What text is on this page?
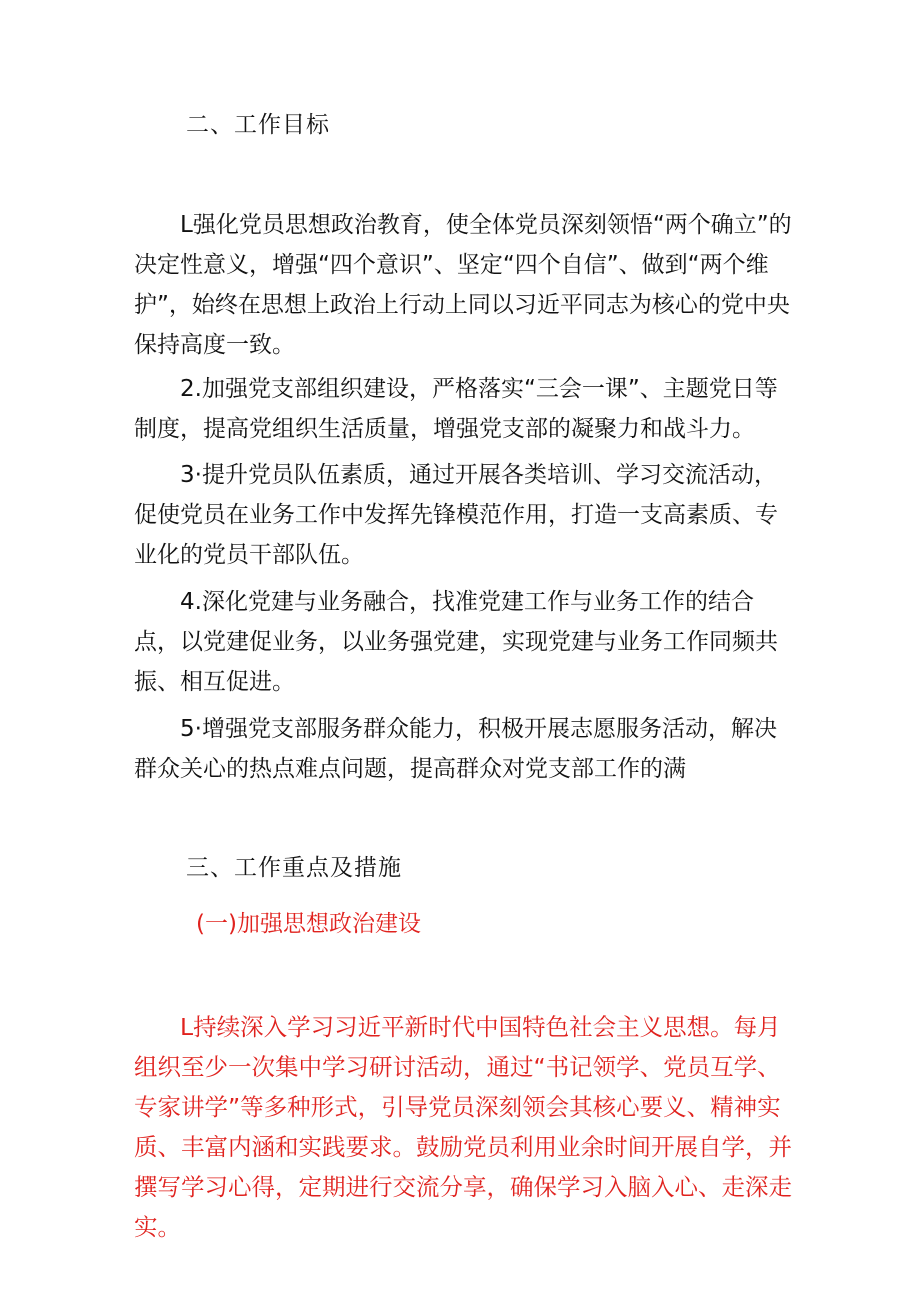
二、工作目标
L强化党员思想政治教育，使全体党员深刻领悟“两个确立”的决定性意义，增强“四个意识”、坚定“四个自信”、做到“两个维护”，始终在思想上政治上行动上同以习近平同志为核心的党中央保持高度一致。
2.加强党支部组织建设，严格落实“三会一课”、主题党日等制度，提高党组织生活质量，增强党支部的凝聚力和战斗力。
3·提升党员队伍素质，通过开展各类培训、学习交流活动，促使党员在业务工作中发挥先锋模范作用，打造一支高素质、专业化的党员干部队伍。
4.深化党建与业务融合，找准党建工作与业务工作的结合点，以党建促业务，以业务强党建，实现党建与业务工作同频共振、相互促进。
5·增强党支部服务群众能力，积极开展志愿服务活动，解决群众关心的热点难点问题，提高群众对党支部工作的满
三、工作重点及措施
(一)加强思想政治建设
L持续深入学习习近平新时代中国特色社会主义思想。每月组织至少一次集中学习研讨活动，通过“书记领学、党员互学、专家讲学”等多种形式，引导党员深刻领会其核心要义、精神实质、丰富内涵和实践要求。鼓励党员利用业余时间开展自学，并撰写学习心得，定期进行交流分享，确保学习入脑入心、走深走实。
